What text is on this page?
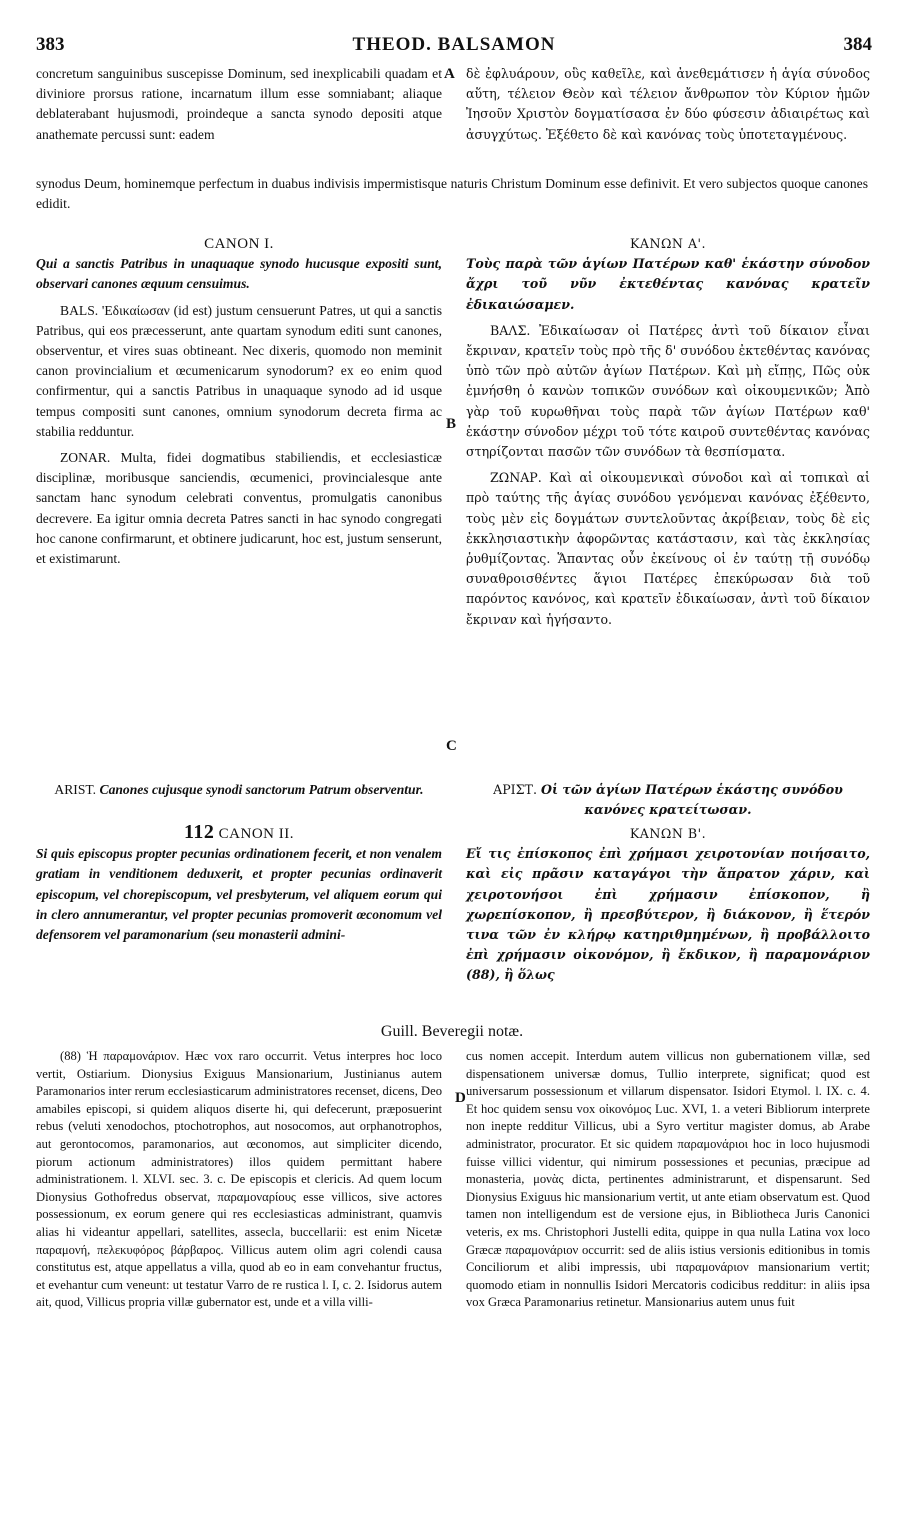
383	THEOD. BALSAMON	384
A
B
C
D

concretum sanguinibus suscepisse Dominum, sed inexplicabili quadam et diviniore prorsus ratione, incarnatum illum esse somniabant; aliaque deblaterabant hujusmodi, proindeque a sancta synodo depositi atque anathemate percussi sunt: eadem

δὲ ἐφλυάρουν, οὓς καθεῖλε, καὶ ἀνεθεμάτισεν ἡ ἁγία σύνοδος αὕτη, τέλειον Θεὸν καὶ τέλειον ἄνθρωπον τὸν Κύριον ἡμῶν Ἰησοῦν Χριστὸν δογματίσασα ἐν δύο φύσεσιν ἀδιαιρέτως καὶ ἀσυγχύτως. Ἐξέθετο δὲ καὶ κανόνας τοὺς ὑποτεταγμένους.

synodus Deum, hominemque perfectum in duabus indivisis impermistisque naturis Christum Dominum esse definivit. Et vero subjectos quoque canones edidit.

CANON I.

Qui a sanctis Patribus in unaquaque synodo hucusque expositi sunt, observari canones æquum censuimus.

BALS. 'Εδικαίωσαν (id est) justum censuerunt Patres, ut qui a sanctis Patribus, qui eos præcesserunt, ante quartam synodum editi sunt canones, observentur, et vires suas obtineant. Nec dixeris, quomodo non meminit canon provincialium et œcumenicarum synodorum? ex eo enim quod confirmentur, qui a sanctis Patribus in unaquaque synodo ad id usque tempus compositi sunt canones, omnium synodorum decreta firma ac stabilia redduntur.

ZONAR. Multa, fidei dogmatibus stabiliendis, et ecclesiasticæ disciplinæ, moribusque sanciendis, œcumenici, provincialesque ante sanctam hanc synodum celebrati conventus, promulgatis canonibus decrevere. Ea igitur omnia decreta Patres sancti in hac synodo congregati hoc canone confirmarunt, et obtinere judicarunt, hoc est, justum senserunt, et existimarunt.

ΚΑΝΩΝ Α'.

Τοὺς παρὰ τῶν ἁγίων Πατέρων καθ' ἑκάστην σύνοδον ἄχρι τοῦ νῦν ἐκτεθέντας κανόνας κρατεῖν ἐδικαιώσαμεν.

ΒΑΛΣ. Ἐδικαίωσαν οἱ Πατέρες ἀντὶ τοῦ δίκαιον εἶναι ἔκριναν, κρατεῖν τοὺς πρὸ τῆς δ' συνόδου ἐκτεθέντας κανόνας ὑπὸ τῶν πρὸ αὐτῶν ἁγίων Πατέρων. Καὶ μὴ εἴπῃς, Πῶς οὐκ ἐμνήσθη ὁ κανὼν τοπικῶν συνόδων καὶ οἰκουμενικῶν; Ἀπὸ γὰρ τοῦ κυρωθῆναι τοὺς παρὰ τῶν ἁγίων Πατέρων καθ' ἑκάστην σύνοδον μέχρι τοῦ τότε καιροῦ συντεθέντας κανόνας στηρίζονται πασῶν τῶν συνόδων τὰ θεσπίσματα.

ΖΩΝΑΡ. Καὶ αἱ οἰκουμενικαὶ σύνοδοι καὶ αἱ τοπικαὶ αἱ πρὸ ταύτης τῆς ἁγίας συνόδου γενόμεναι κανόνας ἐξέθεντο, τοὺς μὲν εἰς δογμάτων συντελοῦντας ἀκρίβειαν, τοὺς δὲ εἰς ἐκκλησιαστικὴν ἀφορῶντας κατάστασιν, καὶ τὰς ἐκκλησίας ῥυθμίζοντας. Ἅπαντας οὖν ἐκείνους οἱ ἐν ταύτῃ τῇ συνόδῳ συναθροισθέντες ἅγιοι Πατέρες ἐπεκύρωσαν διὰ τοῦ παρόντος κανόνος, καὶ κρατεῖν ἐδικαίωσαν, ἀντὶ τοῦ δίκαιον ἔκριναν καὶ ἡγήσαντο.

ARIST. Canones cujusque synodi sanctorum Patrum observentur.	ΑΡΙΣΤ. Οἱ τῶν ἁγίων Πατέρων ἑκάστης συνόδου κανόνες κρατείτωσαν.

112 CANON II.

Si quis episcopus propter pecunias ordinationem fecerit, et non venalem gratiam in venditionem deduxerit, et propter pecunias ordinaverit episcopum, vel chorepiscopum, vel presbyterum, vel aliquem eorum qui in clero annumerantur, vel propter pecunias promoverit œconomum vel defensorem vel paramonarium (seu monasterii admini-

ΚΑΝΩΝ Β'.

Εἴ τις ἐπίσκοπος ἐπὶ χρήμασι χειροτονίαν ποιήσαιτο, καὶ εἰς πρᾶσιν καταγάγοι τὴν ἄπρατον χάριν, καὶ χειροτονήσοι ἐπὶ χρήμασιν ἐπίσκοπον, ἢ χωρεπίσκοπον, ἢ πρεσβύτερον, ἢ διάκονον, ἢ ἕτερόν τινα τῶν ἐν κλήρῳ κατηριθμημένων, ἢ προβάλλοιτο ἐπὶ χρήμασιν οἰκονόμον, ἢ ἔκδικον, ἢ παραμονάριον (88), ἢ ὅλως

Guill. Beveregii notæ.

(88) Ἡ παραμονάριον. Hæc vox raro occurrit. Vetus interpres hoc loco vertit, Ostiarium. Dionysius Exiguus Mansionarium, Justinianus autem Paramonarios inter rerum ecclesiasticarum administratores recenset, dicens, Deo amabiles episcopi, si quidem aliquos diserte hi, qui defecerunt, præposuerint rebus (veluti xenodochos, ptochotrophos, aut nosocomos, aut orphanotrophos, aut gerontocomos, paramonarios, aut œconomos, aut simpliciter dicendo, piorum actionum administratores) illos quidem permittant habere administrationem. l. XLVI. sec. 3. c. De episcopis et clericis. Ad quem locum Dionysius Gothofredus observat, παραμοναρίους esse villicos, sive actores possessionum, ex eorum genere qui res ecclesiasticas administrant, quamvis alias hi videantur appellari, satellites, assecla, buccellarii: est enim Nicetæ παραμονή, πελεκυφόρος βάρβαρος. Villicus autem olim agri colendi causa constitutus est, atque appellatus a villa, quod ab eo in eam convehantur fructus, et evehantur cum veneunt: ut testatur Varro de re rustica l. I, c. 2. Isidorus autem ait, quod, Villicus propria villæ gubernator est, unde et a villa villi-

cus nomen accepit. Interdum autem villicus non gubernationem villæ, sed dispensationem universæ domus, Tullio interprete, significat; quod est universarum possessionum et villarum dispensator. Isidori Etymol. l. IX. c. 4. Et hoc quidem sensu vox οἰκονόμος Luc. XVI, 1. a veteri Bibliorum interprete non inepte redditur Villicus, ubi a Syro vertitur magister domus, ab Arabe administrator, procurator. Et sic quidem παραμονάριοι hoc in loco hujusmodi fuisse villici videntur, qui nimirum possessiones et pecunias, præcipue ad monasteria, μονὰς dicta, pertinentes administrarunt, et dispensarunt. Sed Dionysius Exiguus hic mansionarium vertit, ut ante etiam observatum est. Quod tamen non intelligendum est de versione ejus, in Bibliotheca Juris Canonici veteris, ex ms. Christophori Justelli edita, quippe in qua nulla Latina vox loco Græcæ παραμονάριον occurrit: sed de aliis istius versionis editionibus in tomis Conciliorum et alibi impressis, ubi παραμονάριον mansionarium vertit; quomodo etiam in nonnullis Isidori Mercatoris codicibus redditur: in aliis ipsa vox Græca Paramonarius retinetur. Mansionarius autem unus fuit
